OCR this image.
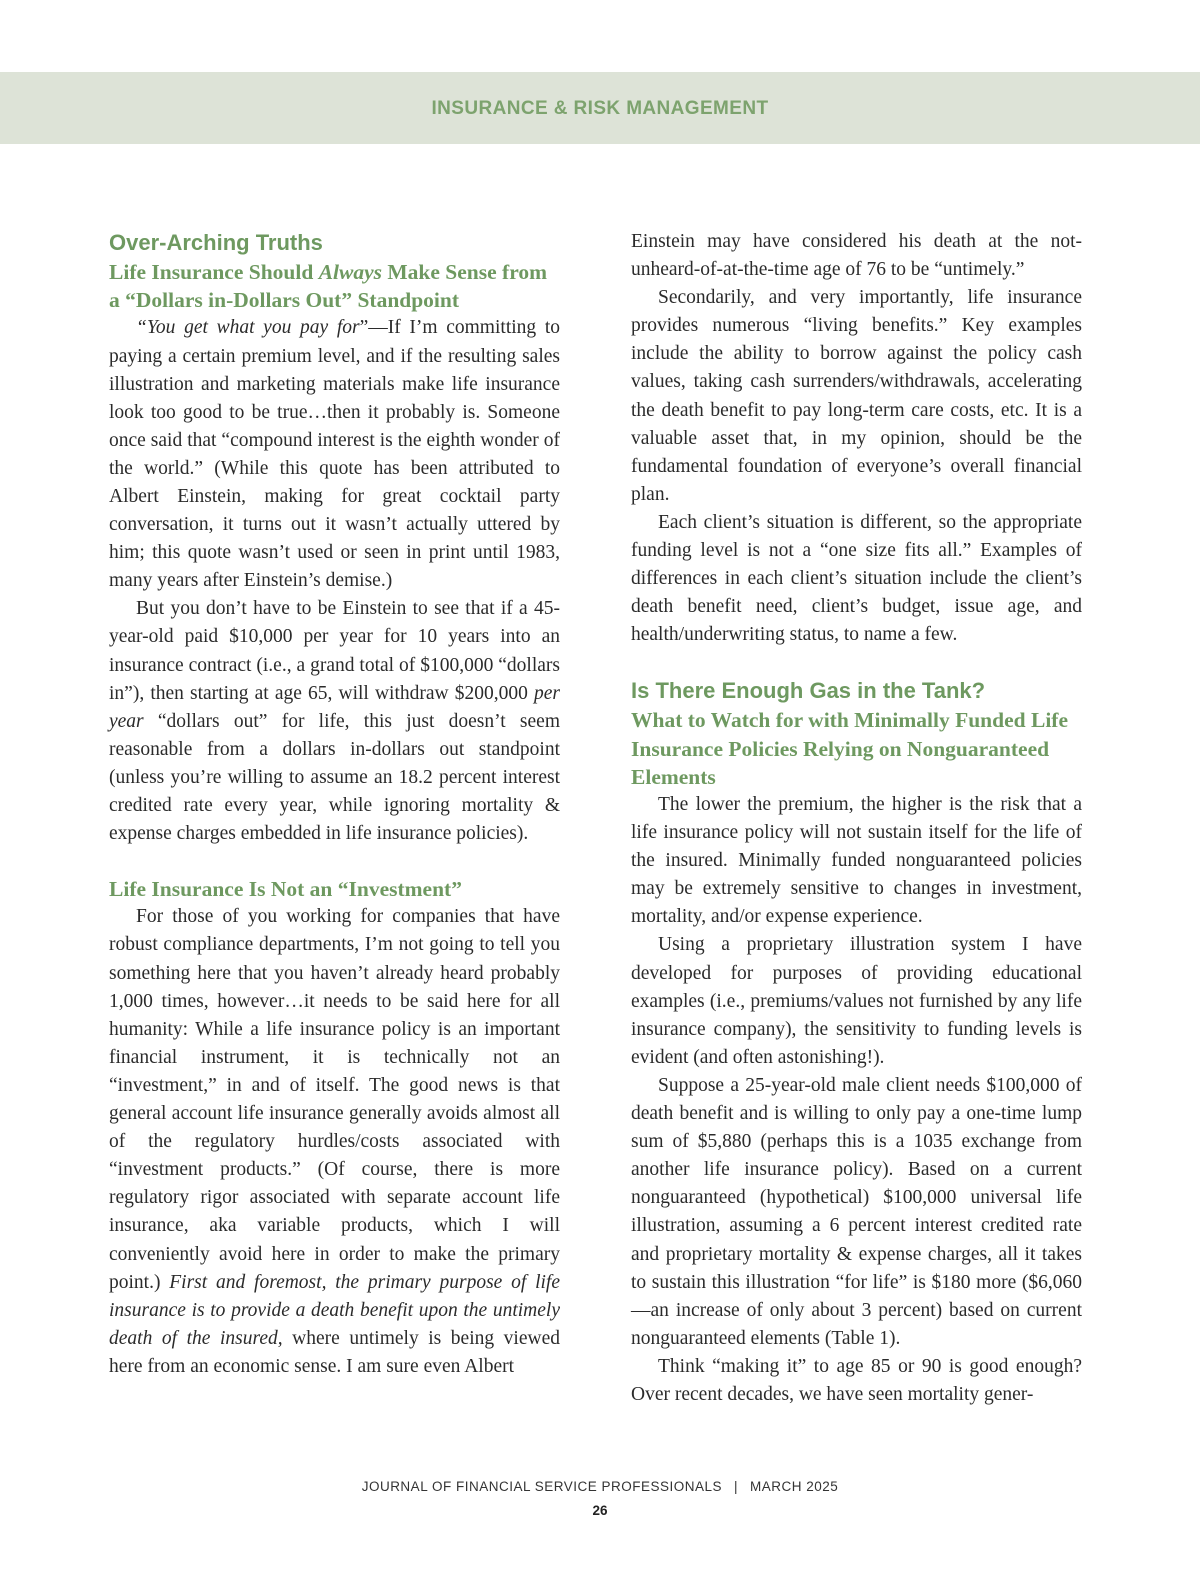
INSURANCE & RISK MANAGEMENT
Over-Arching Truths
Life Insurance Should Always Make Sense from a “Dollars in-Dollars Out” Standpoint

“You get what you pay for”—If I’m committing to paying a certain premium level, and if the resulting sales illustration and marketing materials make life insurance look too good to be true…then it probably is. Someone once said that “compound interest is the eighth wonder of the world.” (While this quote has been attributed to Albert Einstein, making for great cocktail party conversation, it turns out it wasn’t actually uttered by him; this quote wasn’t used or seen in print until 1983, many years after Einstein’s demise.)

But you don’t have to be Einstein to see that if a 45-year-old paid $10,000 per year for 10 years into an insurance contract (i.e., a grand total of $100,000 “dollars in”), then starting at age 65, will withdraw $200,000 per year “dollars out” for life, this just doesn’t seem reasonable from a dollars in-dollars out standpoint (unless you’re willing to assume an 18.2 percent interest credited rate every year, while ignoring mortality & expense charges embedded in life insurance policies).

Life Insurance Is Not an “Investment”

For those of you working for companies that have robust compliance departments, I’m not going to tell you something here that you haven’t already heard probably 1,000 times, however…it needs to be said here for all humanity: While a life insurance policy is an important financial instrument, it is technically not an “investment,” in and of itself. The good news is that general account life insurance generally avoids almost all of the regulatory hurdles/costs associated with “investment products.” (Of course, there is more regulatory rigor associated with separate account life insurance, aka variable products, which I will conveniently avoid here in order to make the primary point.) First and foremost, the primary purpose of life insurance is to provide a death benefit upon the untimely death of the insured, where untimely is being viewed here from an economic sense. I am sure even Albert

Einstein may have considered his death at the not-unheard-of-at-the-time age of 76 to be “untimely.”

Secondarily, and very importantly, life insurance provides numerous “living benefits.” Key examples include the ability to borrow against the policy cash values, taking cash surrenders/withdrawals, accelerating the death benefit to pay long-term care costs, etc. It is a valuable asset that, in my opinion, should be the fundamental foundation of everyone’s overall financial plan.

Each client’s situation is different, so the appropriate funding level is not a “one size fits all.” Examples of differences in each client’s situation include the client’s death benefit need, client’s budget, issue age, and health/underwriting status, to name a few.

Is There Enough Gas in the Tank?
What to Watch for with Minimally Funded Life Insurance Policies Relying on Nonguaranteed Elements

The lower the premium, the higher is the risk that a life insurance policy will not sustain itself for the life of the insured. Minimally funded nonguaranteed policies may be extremely sensitive to changes in investment, mortality, and/or expense experience.

Using a proprietary illustration system I have developed for purposes of providing educational examples (i.e., premiums/values not furnished by any life insurance company), the sensitivity to funding levels is evident (and often astonishing!).

Suppose a 25-year-old male client needs $100,000 of death benefit and is willing to only pay a one-time lump sum of $5,880 (perhaps this is a 1035 exchange from another life insurance policy). Based on a current nonguaranteed (hypothetical) $100,000 universal life illustration, assuming a 6 percent interest credited rate and proprietary mortality & expense charges, all it takes to sustain this illustration “for life” is $180 more ($6,060—an increase of only about 3 percent) based on current nonguaranteed elements (Table 1).

Think “making it” to age 85 or 90 is good enough? Over recent decades, we have seen mortality gener-

JOURNAL OF FINANCIAL SERVICE PROFESSIONALS | MARCH 2025
26
